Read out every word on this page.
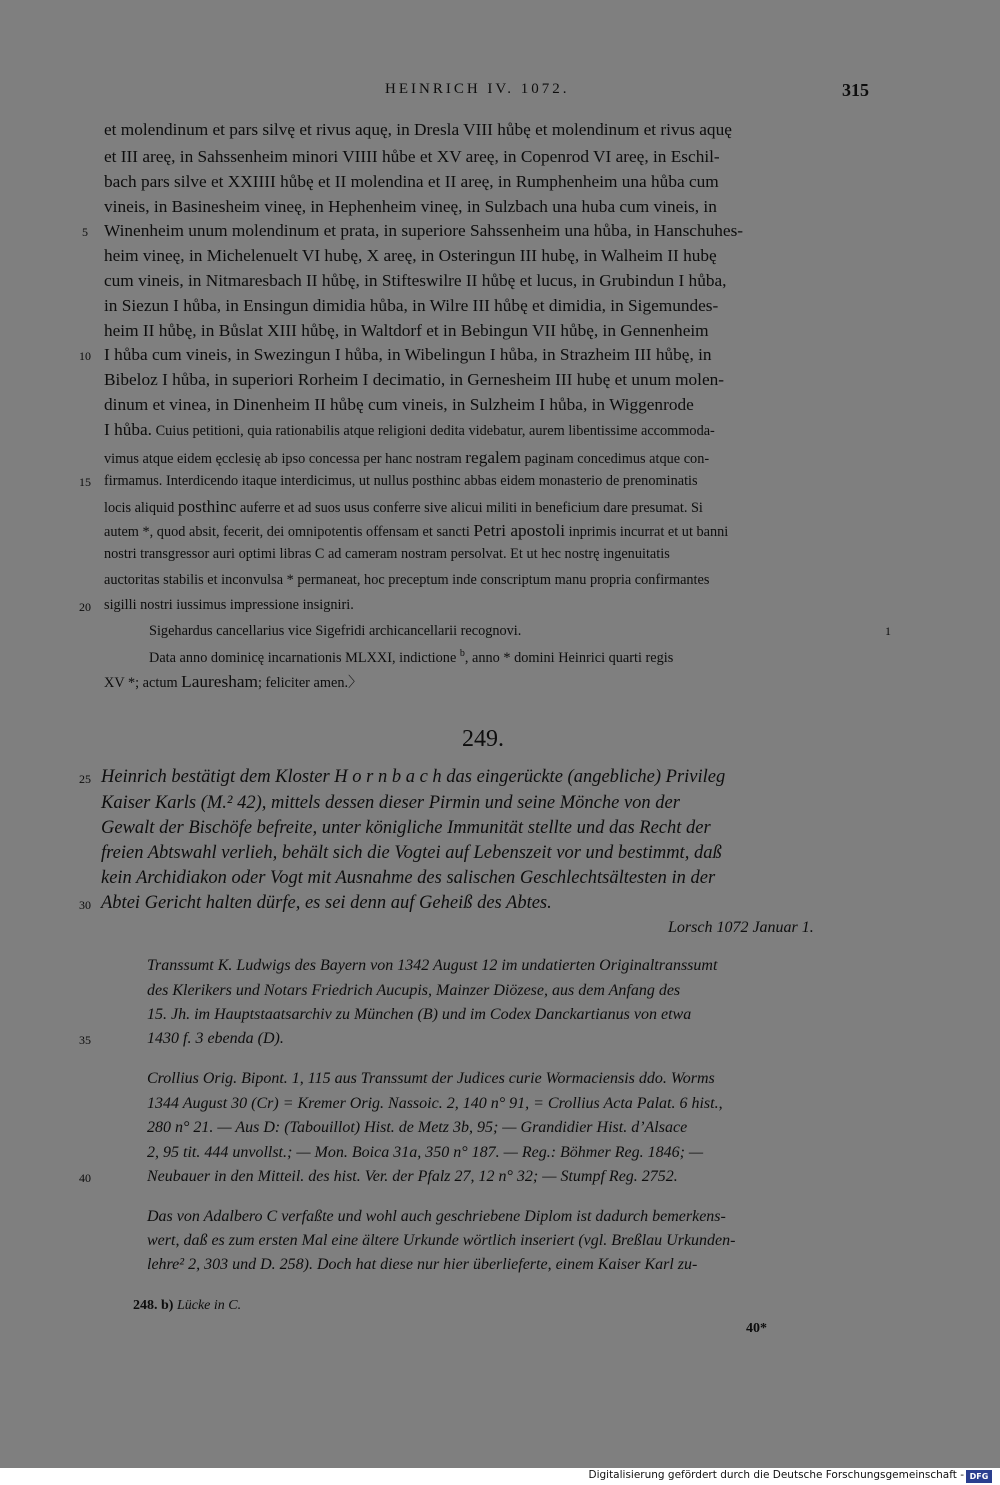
HEINRICH IV. 1072.	315
et molendinum et pars silvę et rivus aquę, in Dresla VIII hůbę et molendinum et rivus aquę
et III areę, in Sahssenheim minori VIIII hůbe et XV areę, in Copenrod VI areę, in Eschil-
bach pars silve et XXIIII hůbę et II molendina et II areę, in Rumphenheim una hůba cum
vineis, in Basinesheim vineę, in Hephenheim vineę, in Sulzbach una huba cum vineis, in
Winenheim unum molendinum et prata, in superiore Sahssenheim una hůba, in Hanschuhes-
heim vineę, in Michelenuelt VI hubę, X areę, in Osteringun III hubę, in Walheim II hubę
cum vineis, in Nitmaresbach II hůbę, in Stifteswilre II hůbę et lucus, in Grubindun I hůba,
in Siezun I hůba, in Ensingun dimidia hůba, in Wilre III hůbę et dimidia, in Sigemundes-
heim II hůbę, in Bůslat XIII hůbę, in Waltdorf et in Bebingun VII hůbę, in Gennenheim
I hůba cum vineis, in Swezingun I hůba, in Wibelingun I hůba, in Strazheim III hůbę, in
Bibeloz I hůba, in superiori Rorheim I decimatio, in Gernesheim III hubę et unum molen-
dinum et vinea, in Dinenheim II hůbę cum vineis, in Sulzheim I hůba, in Wiggenrode
I hůba. Cuius petitioni, quia rationabilis atque religioni dedita videbatur, aurem libentissime accommoda-
vimus atque eidem ęcclesię ab ipso concessa per hanc nostram regalem paginam concedimus atque con-
firmamus. Interdicendo itaque interdicimus, ut nullus posthinc abbas eidem monasterio de prenominatis
locis aliquid posthinc auferre et ad suos usus conferre sive alicui militi in beneficium dare presumat. Si
autem *, quod absit, fecerit, dei omnipotentis offensam et sancti Petri apostoli inprimis incurrat et ut banni
nostri transgressor auri optimi libras C ad cameram nostram persolvat. Et ut hec nostrę ingenuitatis
auctoritas stabilis et inconvulsa * permaneat, hoc preceptum inde conscriptum manu propria confirmantes
sigilli nostri iussimus impressione insigniri.
Sigehardus cancellarius vice Sigefridi archicancellarii recognovi.	1
Data anno dominicę incarnationis MLXXI, indictione $^b$, anno * domini Heinrici quarti regis
XV *; actum Lauresham; feliciter amen.〉
249.
Heinrich bestätigt dem Kloster H o r n b a c h das eingerückte (angebliche) Privileg
Kaiser Karls (M.² 42), mittels dessen dieser Pirmin und seine Mönche von der
Gewalt der Bischöfe befreite, unter königliche Immunität stellte und das Recht der
freien Abtswahl verlieh, behält sich die Vogtei auf Lebenszeit vor und bestimmt, daß
kein Archidiakon oder Vogt mit Ausnahme des salischen Geschlechtsältesten in der
Abtei Gericht halten dürfe, es sei denn auf Geheiß des Abtes.
Lorsch 1072 Januar 1.
Transsumt K. Ludwigs des Bayern von 1342 August 12 im undatierten Originaltranssumt
des Klerikers und Notars Friedrich Aucupis, Mainzer Diözese, aus dem Anfang des
15. Jh. im Hauptstaatsarchiv zu München (B) und im Codex Danckartianus von etwa
1430 f. 3 ebenda (D).
Crollius Orig. Bipont. 1, 115 aus Transsumt der Judices curie Wormaciensis ddo. Worms
1344 August 30 (Cr) = Kremer Orig. Nassoic. 2, 140 n° 91, = Crollius Acta Palat. 6 hist.,
280 n° 21. — Aus D: (Tabouillot) Hist. de Metz 3b, 95; — Grandidier Hist. d’Alsace
2, 95 tit. 444 unvollst.; — Mon. Boica 31a, 350 n° 187. — Reg.: Böhmer Reg. 1846; —
Neubauer in den Mitteil. des hist. Ver. der Pfalz 27, 12 n° 32; — Stumpf Reg. 2752.
Das von Adalbero C verfaßte und wohl auch geschriebene Diplom ist dadurch bemerkens-
wert, daß es zum ersten Mal eine ältere Urkunde wörtlich inseriert (vgl. Breßlau Urkunden-
lehre² 2, 303 und D. 258). Doch hat diese nur hier überlieferte, einem Kaiser Karl zu-
5
10
15
20
25
30
35
40
248. b) Lücke in C.
40*
Digitalisierung gefördert durch die Deutsche Forschungsgemeinschaft - DFG
